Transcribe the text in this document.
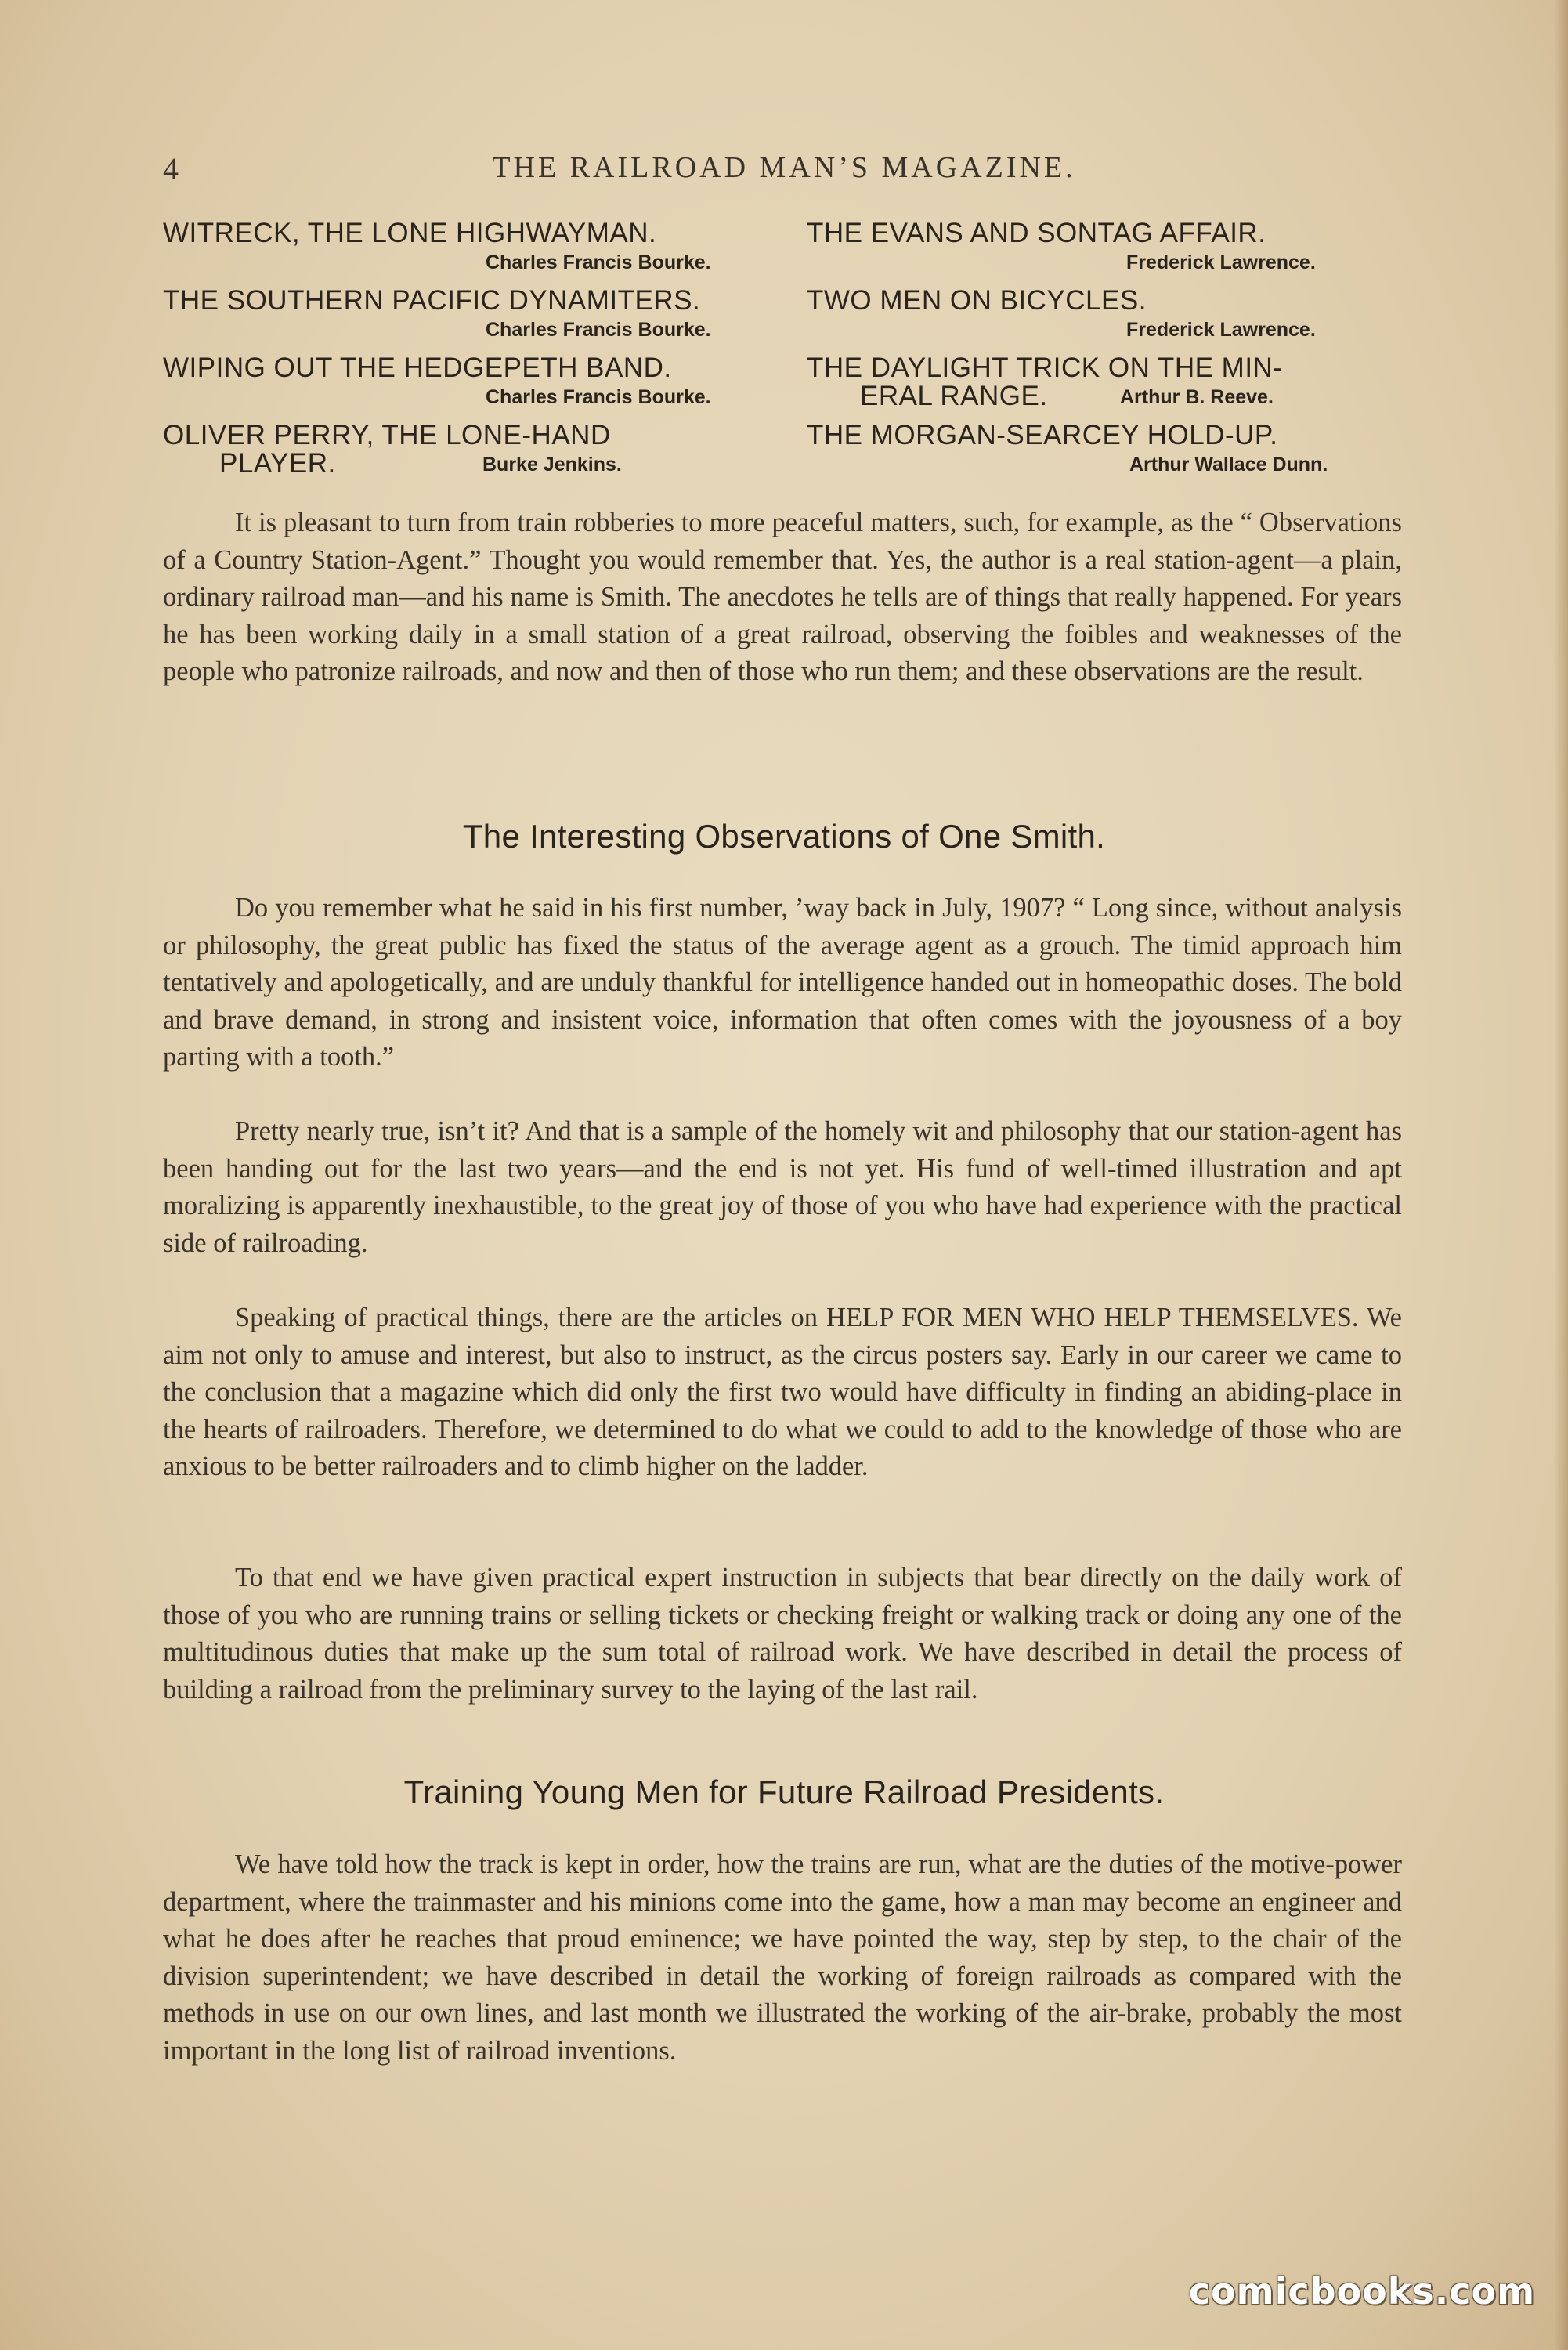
4	THE RAILROAD MAN’S MAGAZINE.
WITRECK, THE LONE HIGHWAYMAN.
Charles Francis Bourke.
THE SOUTHERN PACIFIC DYNAMITERS.
Charles Francis Bourke.
WIPING OUT THE HEDGEPETH BAND.
Charles Francis Bourke.
OLIVER PERRY, THE LONE-HAND
PLAYER.	Burke Jenkins.
THE EVANS AND SONTAG AFFAIR.
Frederick Lawrence.
TWO MEN ON BICYCLES.
Frederick Lawrence.
THE DAYLIGHT TRICK ON THE MIN-
ERAL RANGE.	Arthur B. Reeve.
THE MORGAN-SEARCEY HOLD-UP.
Arthur Wallace Dunn.

It is pleasant to turn from train robberies to more peaceful matters, such, for example, as the “ Observations of a Country Station-Agent.” Thought you would remember that. Yes, the author is a real station-agent—a plain, ordinary railroad man—and his name is Smith. The anecdotes he tells are of things that really happened. For years he has been working daily in a small station of a great railroad, observing the foibles and weaknesses of the people who patronize railroads, and now and then of those who run them; and these observations are the result.

The Interesting Observations of One Smith.

Do you remember what he said in his first number, ’way back in July, 1907? “ Long since, without analysis or philosophy, the great public has fixed the status of the average agent as a grouch. The timid approach him tentatively and apologetically, and are unduly thankful for intelligence handed out in homeopathic doses. The bold and brave demand, in strong and insistent voice, information that often comes with the joyousness of a boy parting with a tooth.”

Pretty nearly true, isn’t it? And that is a sample of the homely wit and philosophy that our station-agent has been handing out for the last two years—and the end is not yet. His fund of well-timed illustration and apt moralizing is apparently inexhaustible, to the great joy of those of you who have had experience with the practical side of railroading.

Speaking of practical things, there are the articles on HELP FOR MEN WHO HELP THEMSELVES. We aim not only to amuse and interest, but also to instruct, as the circus posters say. Early in our career we came to the conclusion that a magazine which did only the first two would have difficulty in finding an abiding-place in the hearts of railroaders. Therefore, we determined to do what we could to add to the knowledge of those who are anxious to be better railroaders and to climb higher on the ladder.

To that end we have given practical expert instruction in subjects that bear directly on the daily work of those of you who are running trains or selling tickets or checking freight or walking track or doing any one of the multitudinous duties that make up the sum total of railroad work. We have described in detail the process of building a railroad from the preliminary survey to the laying of the last rail.

Training Young Men for Future Railroad Presidents.

We have told how the track is kept in order, how the trains are run, what are the duties of the motive-power department, where the trainmaster and his minions come into the game, how a man may become an engineer and what he does after he reaches that proud eminence; we have pointed the way, step by step, to the chair of the division superintendent; we have described in detail the working of foreign railroads as compared with the methods in use on our own lines, and last month we illustrated the working of the air-brake, probably the most important in the long list of railroad inventions.

comicbooks.com
